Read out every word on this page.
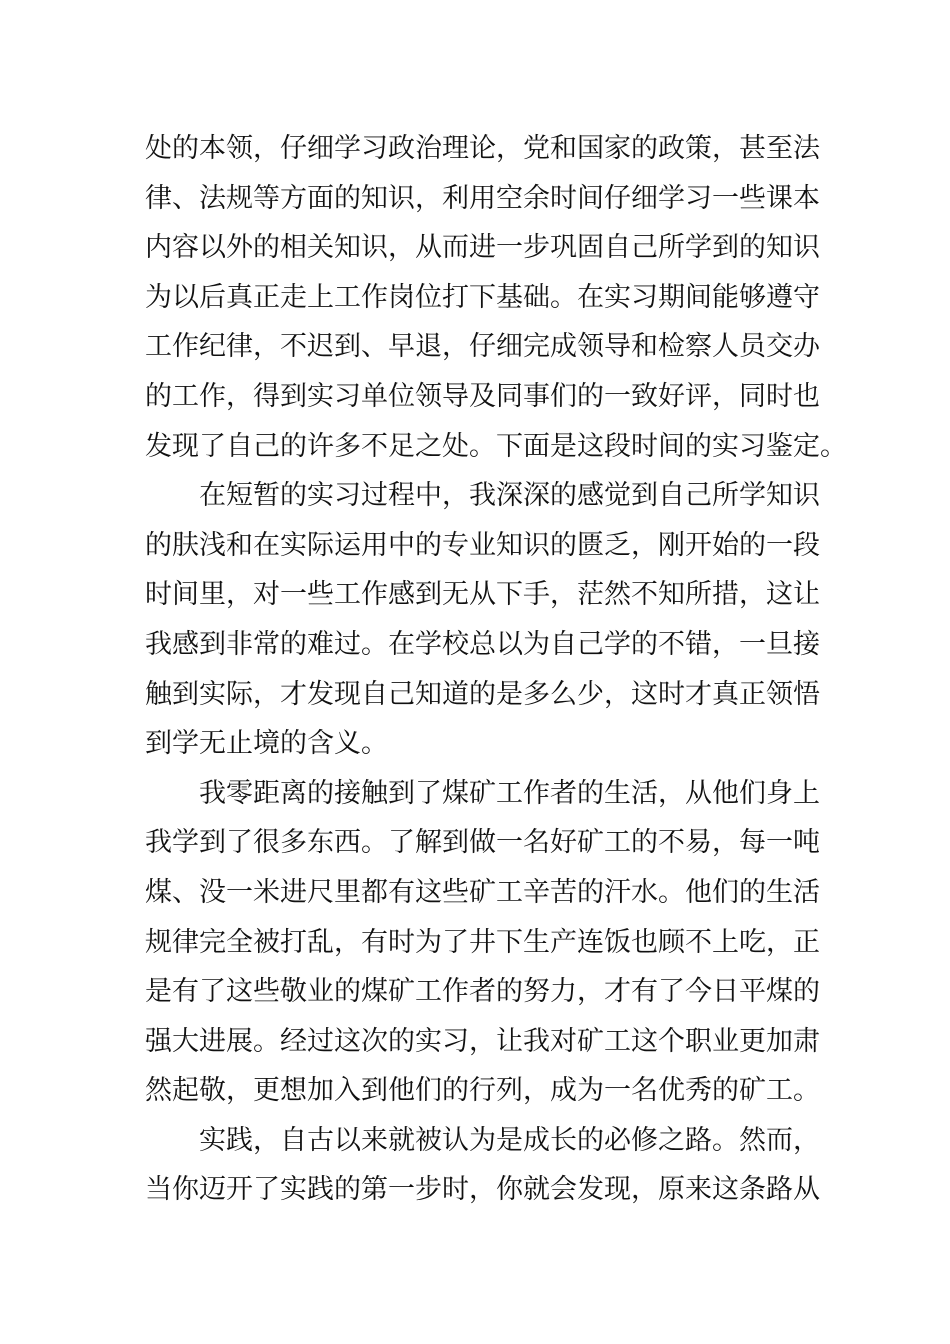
处的本领，仔细学习政治理论，党和国家的政策，甚至法
律、法规等方面的知识，利用空余时间仔细学习一些课本
内容以外的相关知识，从而进一步巩固自己所学到的知识
为以后真正走上工作岗位打下基础。在实习期间能够遵守
工作纪律，不迟到、早退，仔细完成领导和检察人员交办
的工作，得到实习单位领导及同事们的一致好评，同时也
发现了自己的许多不足之处。下面是这段时间的实习鉴定。
在短暂的实习过程中，我深深的感觉到自己所学知识
的肤浅和在实际运用中的专业知识的匮乏，刚开始的一段
时间里，对一些工作感到无从下手，茫然不知所措，这让
我感到非常的难过。在学校总以为自己学的不错，一旦接
触到实际，才发现自己知道的是多么少，这时才真正领悟
到学无止境的含义。
我零距离的接触到了煤矿工作者的生活，从他们身上
我学到了很多东西。了解到做一名好矿工的不易，每一吨
煤、没一米进尺里都有这些矿工辛苦的汗水。他们的生活
规律完全被打乱，有时为了井下生产连饭也顾不上吃，正
是有了这些敬业的煤矿工作者的努力，才有了今日平煤的
强大进展。经过这次的实习，让我对矿工这个职业更加肃
然起敬，更想加入到他们的行列，成为一名优秀的矿工。
实践，自古以来就被认为是成长的必修之路。然而，
当你迈开了实践的第一步时，你就会发现，原来这条路从
